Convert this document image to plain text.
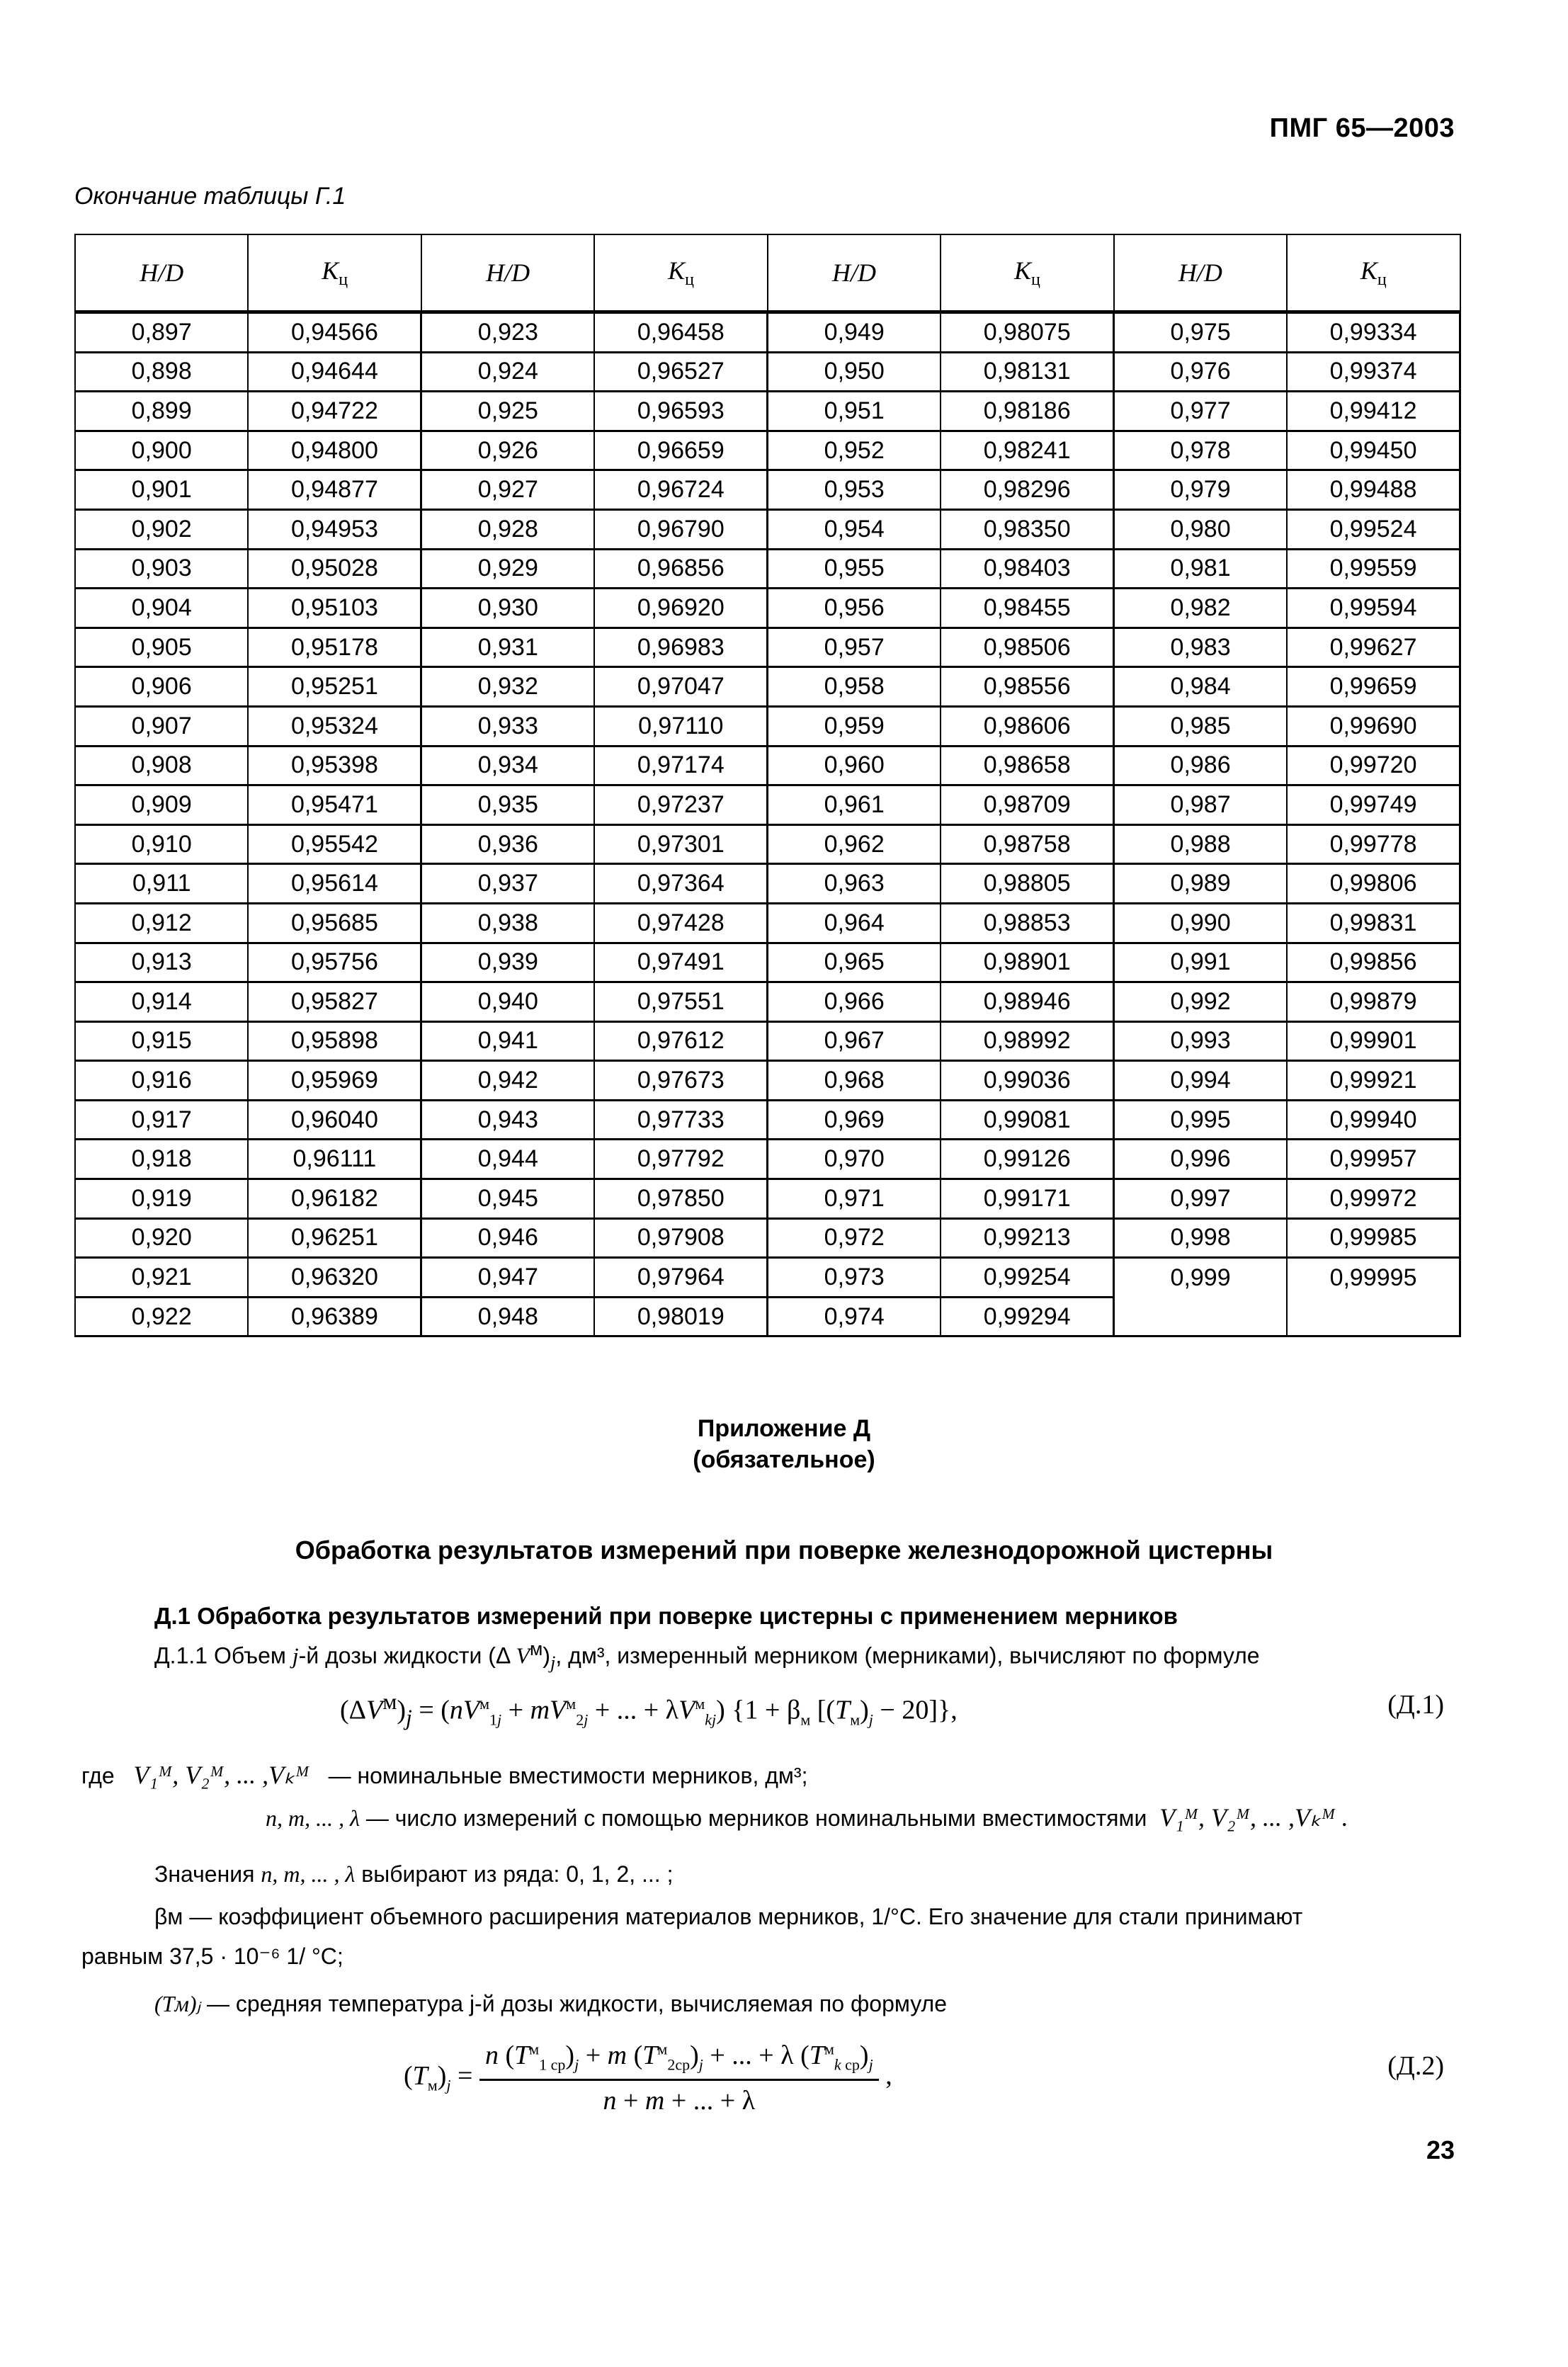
ПМГ 65—2003
Окончание таблицы Г.1
H/D	$K_ц$	H/D	$K_ц$	H/D	$K_ц$	H/D	$K_ц$
0,897	0,94566	0,923	0,96458	0,949	0,98075	0,975	0,99334
0,898	0,94644	0,924	0,96527	0,950	0,98131	0,976	0,99374
0,899	0,94722	0,925	0,96593	0,951	0,98186	0,977	0,99412
0,900	0,94800	0,926	0,96659	0,952	0,98241	0,978	0,99450
0,901	0,94877	0,927	0,96724	0,953	0,98296	0,979	0,99488
0,902	0,94953	0,928	0,96790	0,954	0,98350	0,980	0,99524
0,903	0,95028	0,929	0,96856	0,955	0,98403	0,981	0,99559
0,904	0,95103	0,930	0,96920	0,956	0,98455	0,982	0,99594
0,905	0,95178	0,931	0,96983	0,957	0,98506	0,983	0,99627
0,906	0,95251	0,932	0,97047	0,958	0,98556	0,984	0,99659
0,907	0,95324	0,933	0,97110	0,959	0,98606	0,985	0,99690
0,908	0,95398	0,934	0,97174	0,960	0,98658	0,986	0,99720
0,909	0,95471	0,935	0,97237	0,961	0,98709	0,987	0,99749
0,910	0,95542	0,936	0,97301	0,962	0,98758	0,988	0,99778
0,911	0,95614	0,937	0,97364	0,963	0,98805	0,989	0,99806
0,912	0,95685	0,938	0,97428	0,964	0,98853	0,990	0,99831
0,913	0,95756	0,939	0,97491	0,965	0,98901	0,991	0,99856
0,914	0,95827	0,940	0,97551	0,966	0,98946	0,992	0,99879
0,915	0,95898	0,941	0,97612	0,967	0,98992	0,993	0,99901
0,916	0,95969	0,942	0,97673	0,968	0,99036	0,994	0,99921
0,917	0,96040	0,943	0,97733	0,969	0,99081	0,995	0,99940
0,918	0,96111	0,944	0,97792	0,970	0,99126	0,996	0,99957
0,919	0,96182	0,945	0,97850	0,971	0,99171	0,997	0,99972
0,920	0,96251	0,946	0,97908	0,972	0,99213	0,998	0,99985
0,921	0,96320	0,947	0,97964	0,973	0,99254	0,999	0,99995
0,922	0,96389	0,948	0,98019	0,974	0,99294		
Приложение Д
(обязательное)
Обработка результатов измерений при поверке железнодорожной цистерны
Д.1 Обработка результатов измерений при поверке цистерны с применением мерников
Д.1.1 Объем j-й дозы жидкости (Δ $V^м)_j$, дм³, измеренный мерником (мерниками), вычисляют по формуле
$(\Delta V^м)_j = (nV^м_{1j} + mV^м_{2j}$ + ... + $\lambda V^м_{kj}$) {$1 + \beta_м$ $[(T_м)_j - 20]$},	(Д.1)
где V₁ᴹ, V₂ᴹ, ... ,Vₖᴹ — номинальные вместимости мерников, дм³;
n, m, ... , λ — число измерений с помощью мерников номинальными вместимостями V₁ᴹ, V₂ᴹ, ... ,Vₖᴹ .
Значения n, m, ... , λ выбирают из ряда: 0, 1, 2, ... ;
βм — коэффициент объемного расширения материалов мерников, 1/°С. Его значение для стали принимают
равным 37,5 · 10⁻⁶ 1/ °С;
(Tм)ⱼ — средняя температура j-й дозы жидкости, вычисляемая по формуле
$(T_м)_j = \frac{n (T^м_{1 ср})_j + m (T^м_{2ср})_j + ... + \lambda (T^м_{k ср})_j}{n + m + ... + \lambda}$ ,	(Д.2)
23
